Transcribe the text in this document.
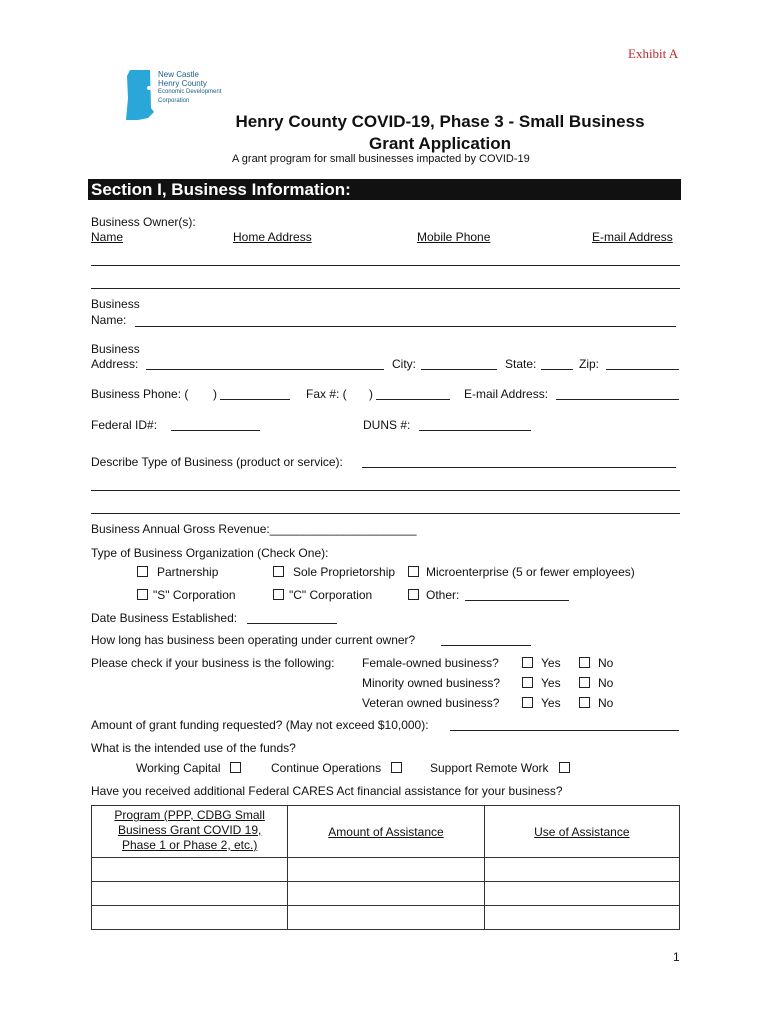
Exhibit A
New Castle
Henry County
Economic Development
Corporation
Henry County COVID-19, Phase 3 - Small Business
Grant Application
A grant program for small businesses impacted by COVID-19
Section I, Business Information:
Business Owner(s):
Name	Home Address	Mobile Phone	E-mail Address
Business
Name:
Business
Address:	City:	State:	Zip:
Business Phone: ( )	Fax #: ( )	E-mail Address:
Federal ID#:	DUNS #:
Describe Type of Business (product or service):
Business Annual Gross Revenue:______________________
Type of Business Organization (Check One):
Partnership	Sole Proprietorship	Microenterprise (5 or fewer employees)
"S" Corporation	"C" Corporation	Other:
Date Business Established:
How long has business been operating under current owner?
Please check if your business is the following: Female-owned business?	Yes	No
Minority owned business?	Yes	No
Veteran owned business?	Yes	No
Amount of grant funding requested? (May not exceed $10,000):
What is the intended use of the funds?
Working Capital	Continue Operations	Support Remote Work
Have you received additional Federal CARES Act financial assistance for your business?
Program (PPP, CDBG Small
Business Grant COVID 19,
Phase 1 or Phase 2, etc.)	Amount of Assistance	Use of Assistance

1
